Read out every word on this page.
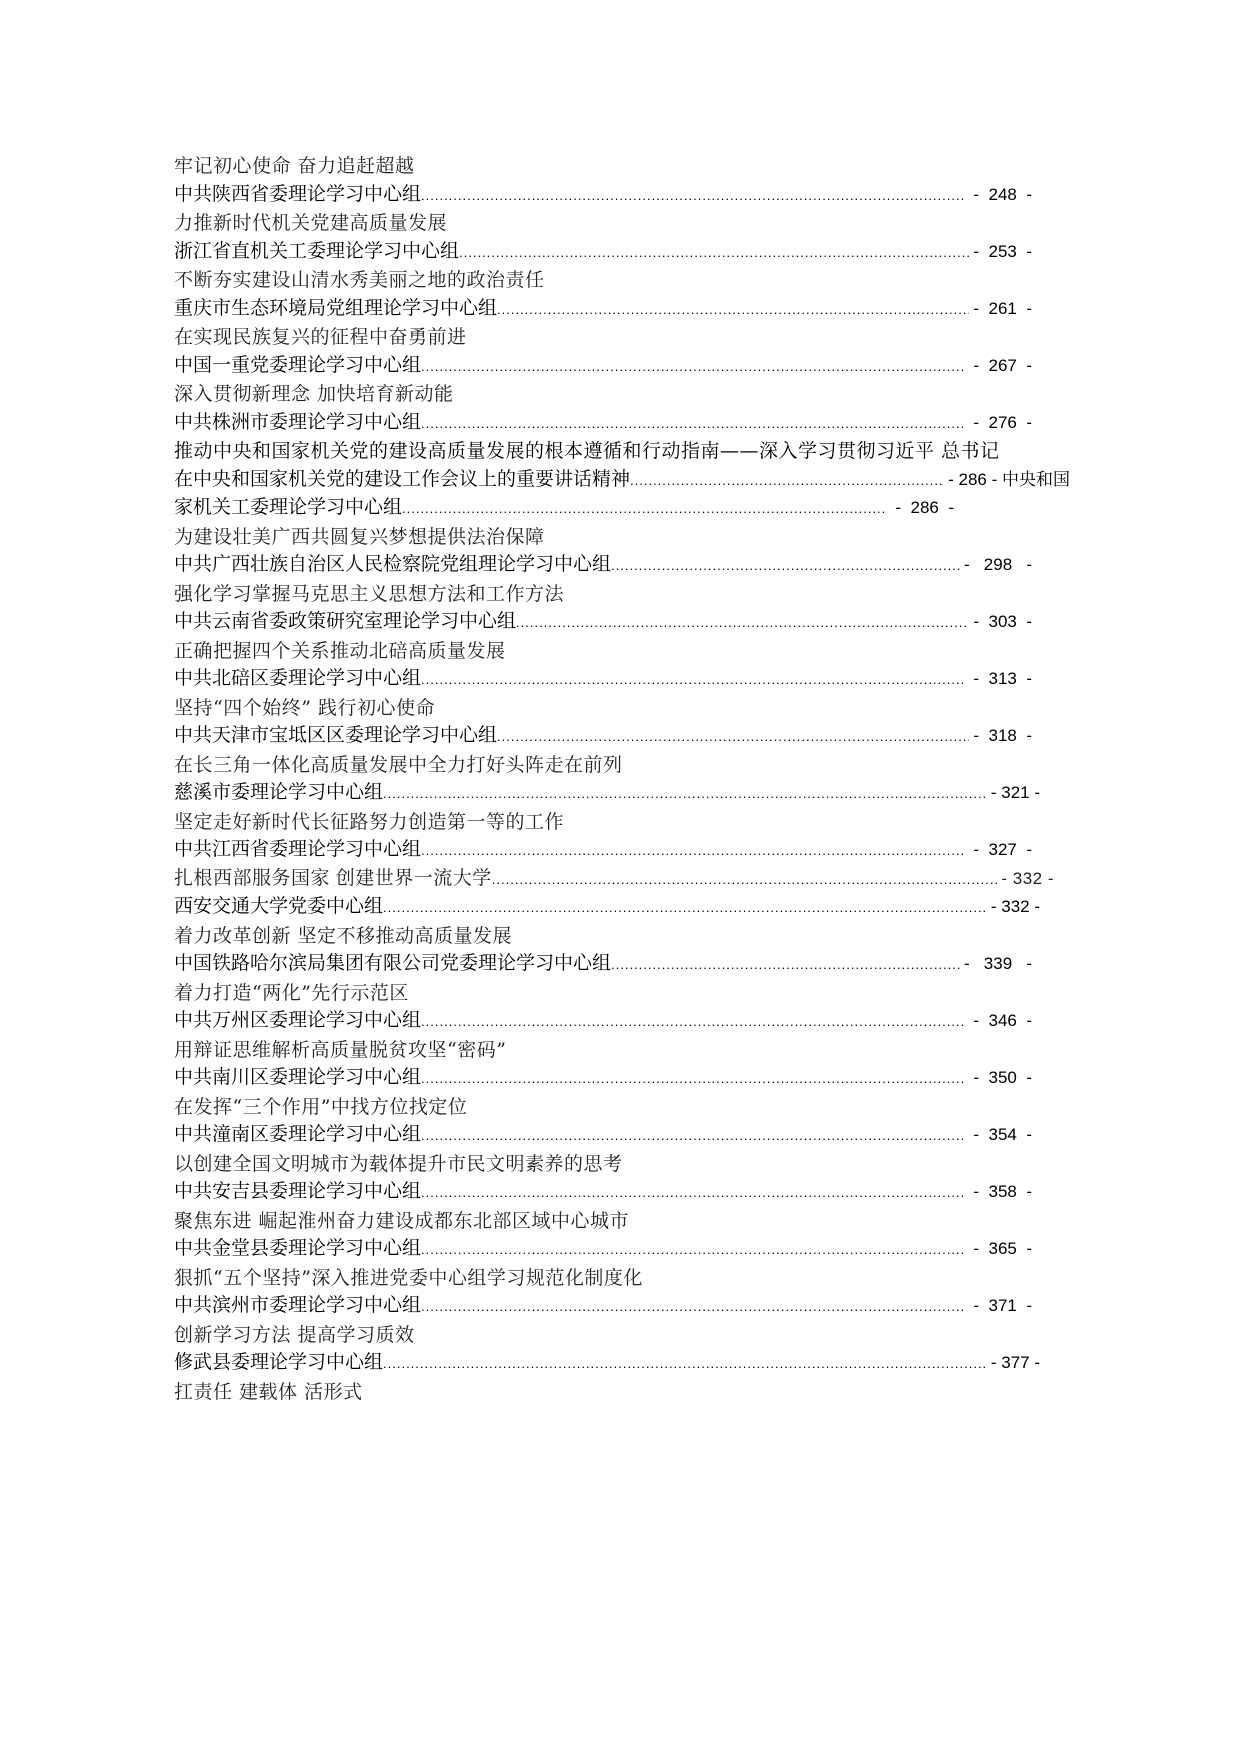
牢记初心使命 奋力追赶超越
中共陕西省委理论学习中心组 .....	-  248  -
力推新时代机关党建高质量发展
浙江省直机关工委理论学习中心组 .....	-  253  -
不断夯实建设山清水秀美丽之地的政治责任
重庆市生态环境局党组理论学习中心组 .....	-  261  -
在实现民族复兴的征程中奋勇前进
中国一重党委理论学习中心组 .....	-  267  -
深入贯彻新理念 加快培育新动能
中共株洲市委理论学习中心组 .....	-  276  -
推动中央和国家机关党的建设高质量发展的根本遵循和行动指南——深入学习贯彻习近平 总书记
在中央和国家机关党的建设工作会议上的重要讲话精神 .....	- 286 - 中央和国
家机关工委理论学习中心组 .....	-  286  -
为建设壮美广西共圆复兴梦想提供法治保障
中共广西壮族自治区人民检察院党组理论学习中心组 .....	-   298   -
强化学习掌握马克思主义思想方法和工作方法
中共云南省委政策研究室理论学习中心组 .....	-  303  -
正确把握四个关系推动北碚高质量发展
中共北碚区委理论学习中心组 .....	-  313  -
坚持“四个始终” 践行初心使命
中共天津市宝坻区区委理论学习中心组 .....	-  318  -
在长三角一体化高质量发展中全力打好头阵走在前列
慈溪市委理论学习中心组 .....	- 321 -
坚定走好新时代长征路努力创造第一等的工作
中共江西省委理论学习中心组 .....	-  327  -
扎根西部服务国家 创建世界一流大学 .....	- 332 -
西安交通大学党委中心组 .....	- 332 -
着力改革创新 坚定不移推动高质量发展
中国铁路哈尔滨局集团有限公司党委理论学习中心组 .....	-   339   -
着力打造“两化”先行示范区
中共万州区委理论学习中心组 .....	-  346  -
用辩证思维解析高质量脱贫攻坚“密码”
中共南川区委理论学习中心组 .....	-  350  -
在发挥“三个作用”中找方位找定位
中共潼南区委理论学习中心组 .....	-  354  -
以创建全国文明城市为载体提升市民文明素养的思考
中共安吉县委理论学习中心组 .....	-  358  -
聚焦东进 崛起淮州奋力建设成都东北部区域中心城市
中共金堂县委理论学习中心组 .....	-  365  -
狠抓“五个坚持”深入推进党委中心组学习规范化制度化
中共滨州市委理论学习中心组 .....	-  371  -
创新学习方法 提高学习质效
修武县委理论学习中心组 .....	- 377 -
扛责任 建载体 活形式
